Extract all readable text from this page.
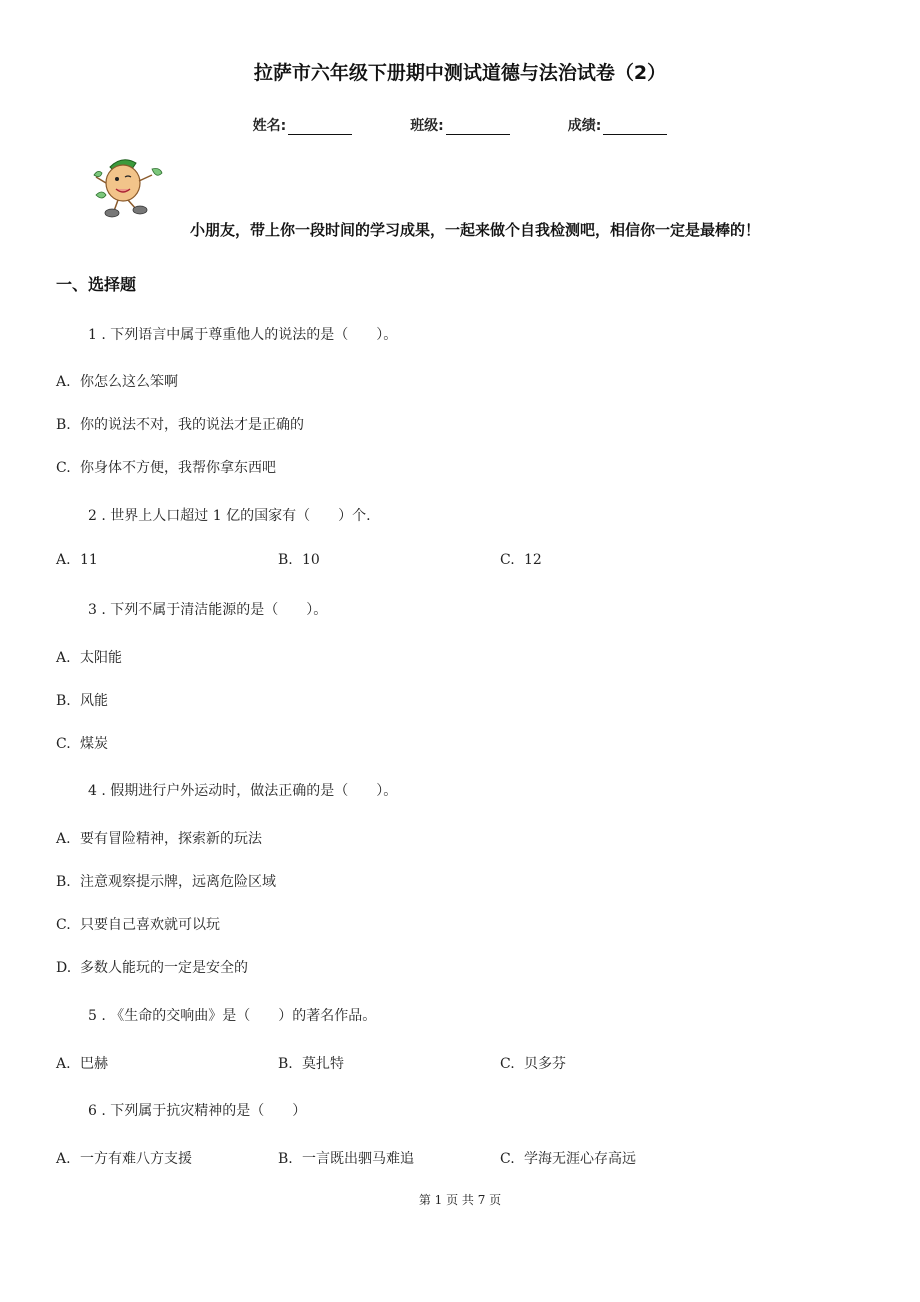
拉萨市六年级下册期中测试道德与法治试卷（2）
姓名:	班级:	成绩:
小朋友，带上你一段时间的学习成果，一起来做个自我检测吧，相信你一定是最棒的！
一、选择题
1 . 下列语言中属于尊重他人的说法的是（　　）。
A. 你怎么这么笨啊
B. 你的说法不对，我的说法才是正确的
C. 你身体不方便，我帮你拿东西吧
2 . 世界上人口超过 1 亿的国家有（　　）个.
A. 11	B. 10	C. 12
3 . 下列不属于清洁能源的是（　　）。
A. 太阳能
B. 风能
C. 煤炭
4 . 假期进行户外运动时，做法正确的是（　　）。
A. 要有冒险精神，探索新的玩法
B. 注意观察提示牌，远离危险区域
C. 只要自己喜欢就可以玩
D. 多数人能玩的一定是安全的
5 . 《生命的交响曲》是（　　）的著名作品。
A. 巴赫	B. 莫扎特	C. 贝多芬
6 . 下列属于抗灾精神的是（　　）
A. 一方有难八方支援	B. 一言既出驷马难追	C. 学海无涯心存高远
第 1 页 共 7 页
